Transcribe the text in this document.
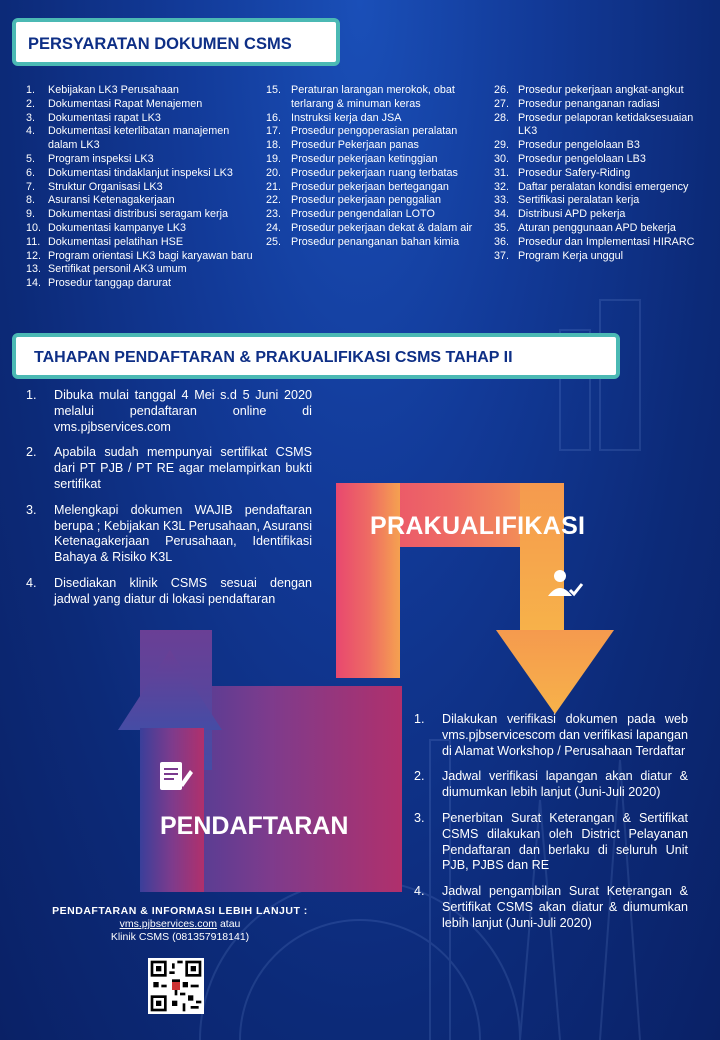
PERSYARATAN DOKUMEN CSMS
1.	Kebijakan LK3 Perusahaan
2.	Dokumentasi Rapat Menajemen
3.	Dokumentasi rapat LK3
4.	Dokumentasi keterlibatan manajemen dalam LK3
5.	Program inspeksi LK3
6.	Dokumentasi tindaklanjut inspeksi LK3
7.	Struktur Organisasi LK3
8.	Asuransi Ketenagakerjaan
9.	Dokumentasi distribusi seragam kerja
10. Dokumentasi kampanye LK3
11. Dokumentasi pelatihan HSE
12. Program orientasi LK3 bagi karyawan baru
13. Sertifikat personil AK3 umum
14. Prosedur tanggap darurat
15. Peraturan larangan merokok, obat terlarang & minuman keras
16. Instruksi kerja dan JSA
17. Prosedur pengoperasian peralatan
18. Prosedur Pekerjaan panas
19. Prosedur pekerjaan ketinggian
20. Prosedur pekerjaan ruang terbatas
21. Prosedur pekerjaan bertegangan
22. Prosedur pekerjaan penggalian
23. Prosedur pengendalian LOTO
24. Prosedur pekerjaan dekat & dalam air
25. Prosedur penanganan bahan kimia
26. Prosedur pekerjaan angkat-angkut
27. Prosedur penanganan radiasi
28. Prosedur pelaporan ketidaksesuaian LK3
29. Prosedur pengelolaan B3
30. Prosedur pengelolaan LB3
31. Prosedur Safery-Riding
32. Daftar peralatan kondisi emergency
33. Sertifikasi peralatan kerja
34. Distribusi APD pekerja
35. Aturan penggunaan APD bekerja
36. Prosedur dan Implementasi HIRARC
37. Program Kerja unggul
TAHAPAN PENDAFTARAN & PRAKUALIFIKASI CSMS TAHAP II
1.	Dibuka mulai tanggal 4 Mei s.d 5 Juni 2020 melalui pendaftaran online di vms.pjbservices.com
2.	Apabila sudah mempunyai sertifikat CSMS dari PT PJB / PT RE agar melampirkan bukti sertifikat
3.	Melengkapi dokumen WAJIB pendaftaran berupa ; Kebijakan K3L Perusahaan, Asuransi Ketenagakerjaan Perusahaan, Identifikasi Bahaya & Risiko K3L
4.	Disediakan klinik CSMS sesuai dengan jadwal yang diatur di lokasi pendaftaran
1.	Dilakukan verifikasi dokumen pada web vms.pjbservicescom dan verifikasi lapangan di Alamat Workshop / Perusahaan Terdaftar
2.	Jadwal verifikasi lapangan akan diatur & diumumkan lebih lanjut (Juni-Juli 2020)
3.	Penerbitan Surat Keterangan & Sertifikat CSMS dilakukan oleh District Pelayanan Pendaftaran dan berlaku di seluruh Unit PJB, PJBS dan RE
4.	Jadwal pengambilan Surat Keterangan & Sertifikat CSMS akan diatur & diumumkan lebih lanjut (Juni-Juli 2020)
PRAKUALIFIKASI
PENDAFTARAN
PENDAFTARAN & INFORMASI LEBIH LANJUT :
vms.pjbservices.com atau
Klinik CSMS (081357918141)
